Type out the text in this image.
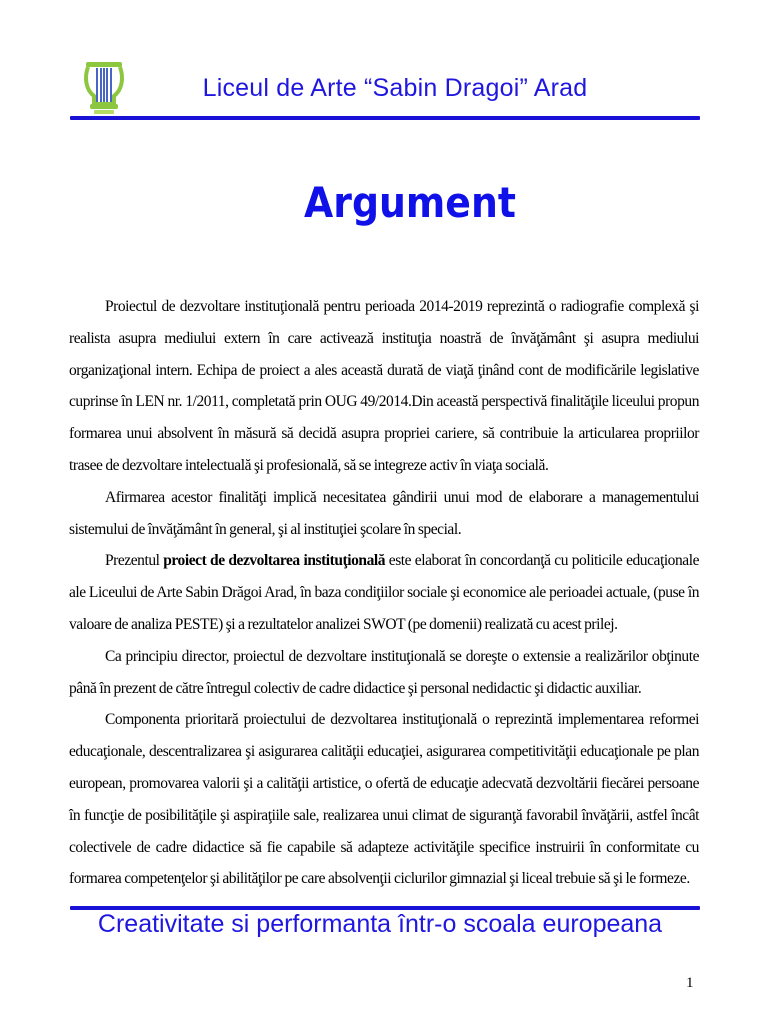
Liceul de Arte “Sabin Dragoi” Arad
Argument

Proiectul de dezvoltare instituţională pentru perioada 2014-2019 reprezintă o radiografie complexă şi realista asupra mediului extern în care activează instituţia noastră de învăţământ şi asupra mediului organizaţional intern. Echipa de proiect a ales această durată de viaţă ţinând cont de modificările legislative cuprinse în LEN nr. 1/2011, completată prin OUG 49/2014.Din această perspectivă finalităţile liceului propun formarea unui absolvent în măsură să decidă asupra propriei cariere, să contribuie la articularea propriilor trasee de dezvoltare intelectuală şi profesională, să se integreze activ în viaţa socială.

Afirmarea acestor finalităţi implică necesitatea gândirii unui mod de elaborare a managementului sistemului de învăţământ în general, şi al instituţiei şcolare în special.

Prezentul proiect de dezvoltarea instituţională este elaborat în concordanţă cu politicile educaţionale ale Liceului de Arte Sabin Drăgoi Arad, în baza condiţiilor sociale şi economice ale perioadei actuale, (puse în valoare de analiza PESTE) şi a rezultatelor analizei SWOT (pe domenii) realizată cu acest prilej.

Ca principiu director, proiectul de dezvoltare instituţională se doreşte o extensie a realizărilor obţinute până în prezent de către întregul colectiv de cadre didactice şi personal nedidactic şi didactic auxiliar.

Componenta prioritară proiectului de dezvoltarea instituţională o reprezintă implementarea reformei educaţionale, descentralizarea şi asigurarea calităţii educaţiei, asigurarea competitivităţii educaţionale pe plan european, promovarea valorii şi a calităţii artistice, o ofertă de educaţie adecvată dezvoltării fiecărei persoane în funcţie de posibilităţile şi aspiraţiile sale, realizarea unui climat de siguranţă favorabil învăţării, astfel încât colectivele de cadre didactice să fie capabile să adapteze activităţile specifice instruirii în conformitate cu formarea competenţelor şi abilităţilor pe care absolvenţii ciclurilor gimnazial şi liceal trebuie să şi le formeze.

Creativitate si performanta într-o scoala europeana
1
